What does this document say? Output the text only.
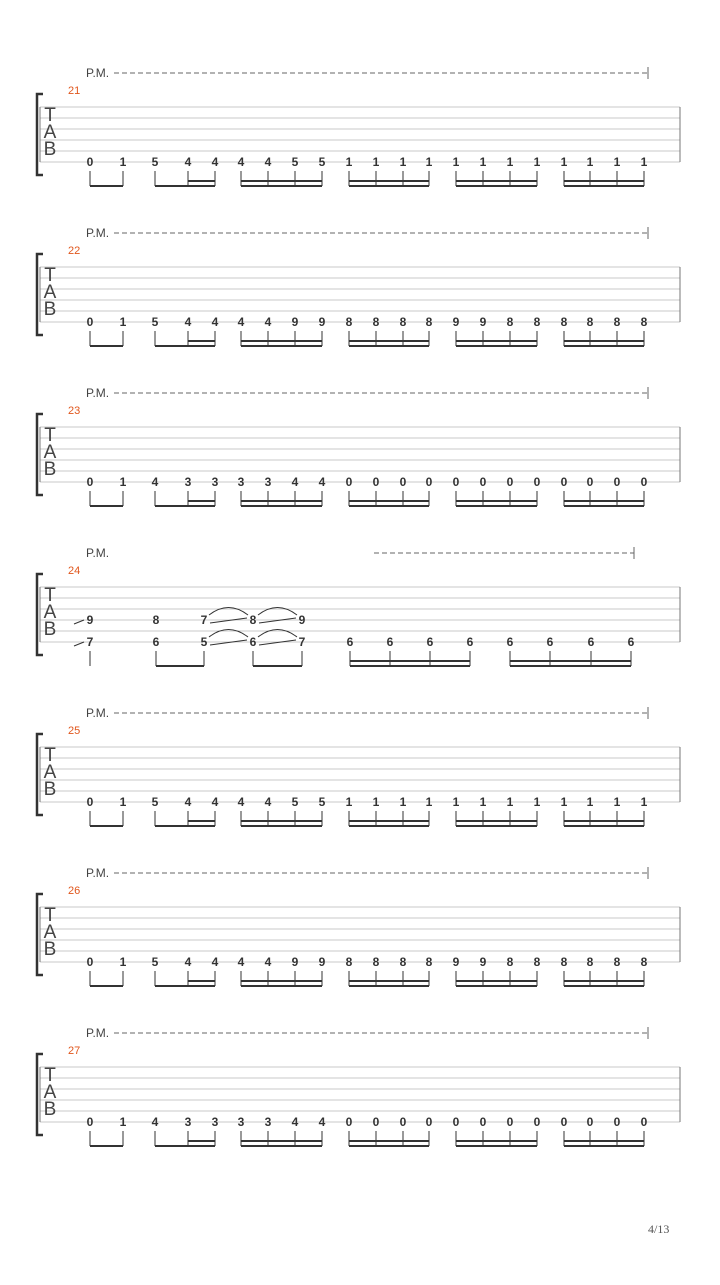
T
A
B
21
P.M.
0 1 5 4 4 4 4 5 5 1 1 1 1 1 1 1 1 1 1 1 1
T
A
B
22
P.M.
0 1 5 4 4 4 4 9 9 8 8 8 8 9 9 8 8 8 8 8 8
T
A
B
23
P.M.
0 1 4 3 3 3 3 4 4 0 0 0 0 0 0 0 0 0 0 0 0
T
A
B
24
P.M.
9	8	7	8	9
7	6	5	6	7	6	6	6	6	6	6	6	6
T
A
B
25
P.M.
0 1 5 4 4 4 4 5 5 1 1 1 1 1 1 1 1 1 1 1 1
T
A
B
26
P.M.
0 1 5 4 4 4 4 9 9 8 8 8 8 9 9 8 8 8 8 8 8
T
A
B
27
P.M.
0 1 4 3 3 3 3 4 4 0 0 0 0 0 0 0 0 0 0 0 0
4/13
